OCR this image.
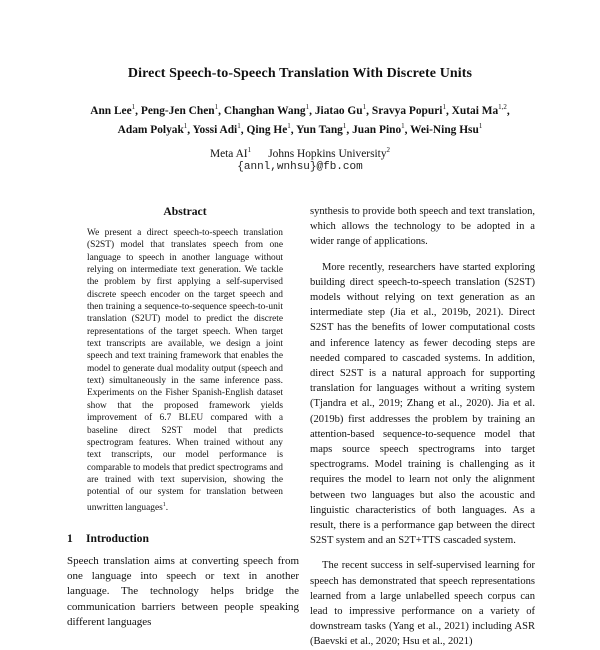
Direct Speech-to-Speech Translation With Discrete Units
Ann Lee$^1$, Peng-Jen Chen$^1$, Changhan Wang$^1$, Jiatao Gu$^1$, Sravya Popuri$^1$, Xutai Ma$^{1,2}$, Adam Polyak$^1$, Yossi Adi$^1$, Qing He$^1$, Yun Tang$^1$, Juan Pino$^1$, Wei-Ning Hsu$^1$
Meta $AI^1$ Johns Hopkins University$^2$
{annl,wnhsu}@fb.com
Abstract
We present a direct speech-to-speech translation (S2ST) model that translates speech from one language to speech in another language without relying on intermediate text generation. We tackle the problem by first applying a self-supervised discrete speech encoder on the target speech and then training a sequence-to-sequence speech-to-unit translation (S2UT) model to predict the discrete representations of the target speech. When target text transcripts are available, we design a joint speech and text training framework that enables the model to generate dual modality output (speech and text) simultaneously in the same inference pass. Experiments on the Fisher Spanish-English dataset show that the proposed framework yields improvement of 6.7 BLEU compared with a baseline direct S2ST model that predicts spectrogram features. When trained without any text transcripts, our model performance is comparable to models that predict spectrograms and are trained with text supervision, showing the potential of our system for translation between unwritten languages$^1$.
1 Introduction
Speech translation aims at converting speech from one language into speech or text in another language. The technology helps bridge the communication barriers between people speaking different languages

synthesis to provide both speech and text translation, which allows the technology to be adopted in a wider range of applications.

More recently, researchers have started exploring building direct speech-to-speech translation (S2ST) models without relying on text generation as an intermediate step (Jia et al., 2019b, 2021). Direct S2ST has the benefits of lower computational costs and inference latency as fewer decoding steps are needed compared to cascaded systems. In addition, direct S2ST is a natural approach for supporting translation for languages without a writing system (Tjandra et al., 2019; Zhang et al., 2020). Jia et al. (2019b) first addresses the problem by training an attention-based sequence-to-sequence model that maps source speech spectrograms into target spectrograms. Model training is challenging as it requires the model to learn not only the alignment between two languages but also the acoustic and linguistic characteristics of both languages. As a result, there is a performance gap between the direct S2ST system and an S2T+TTS cascaded system.

The recent success in self-supervised learning for speech has demonstrated that speech representations learned from a large unlabelled speech corpus can lead to impressive performance on a variety of downstream tasks (Yang et al., 2021) including ASR (Baevski et al., 2020; Hsu et al., 2021)
